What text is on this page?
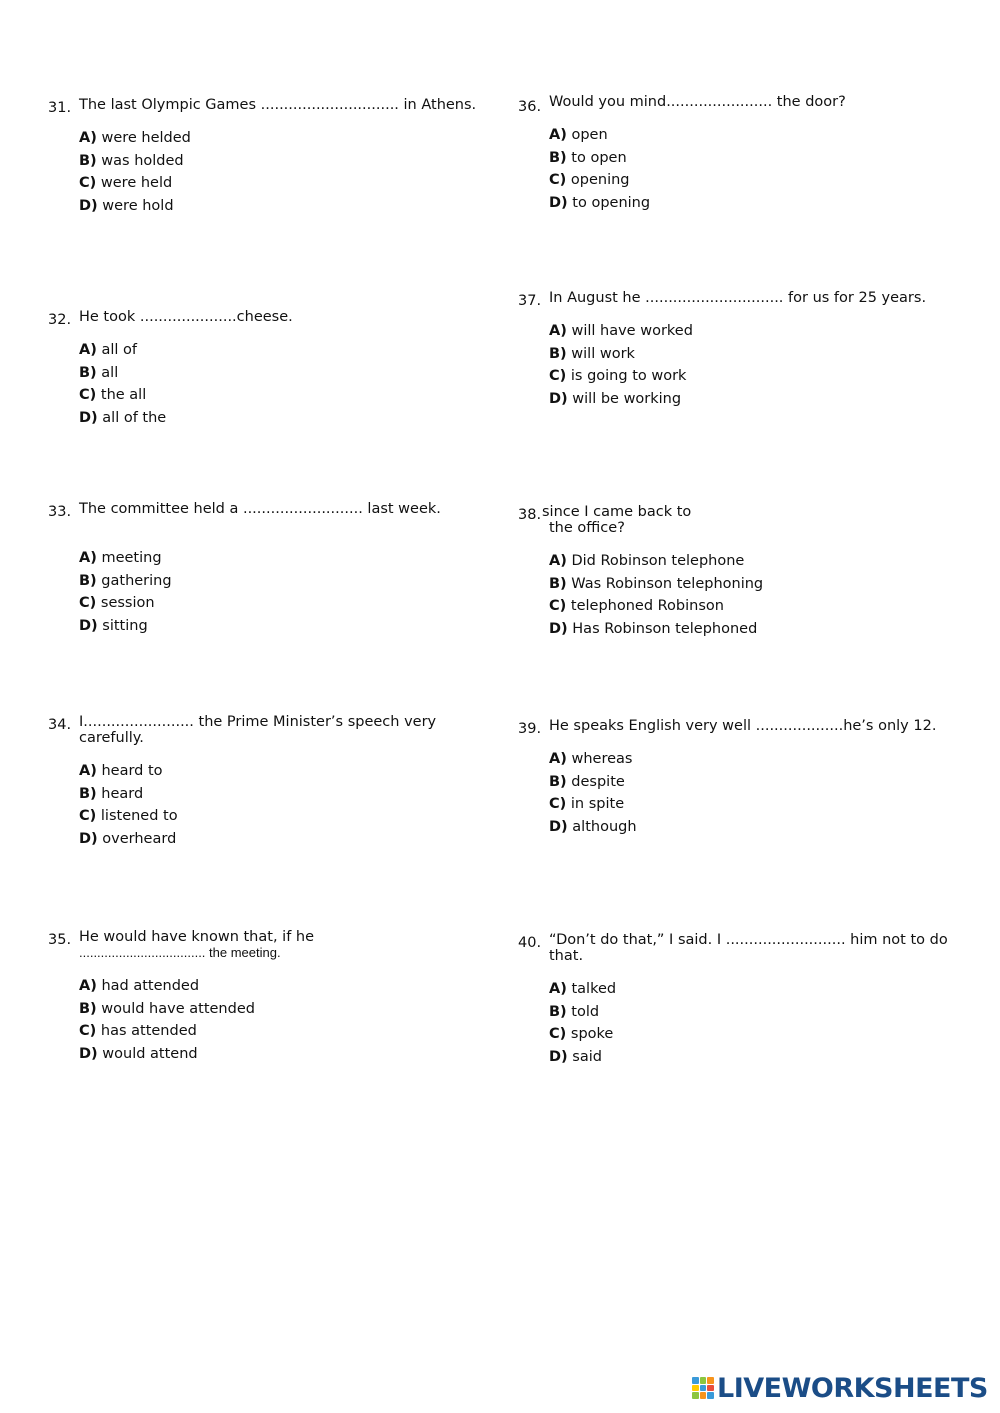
31. The last Olympic Games .............................. in Athens.

A) were helded
B) was holded
C) were held
D) were hold
32. He took .....................cheese.

A) all of
B) all
C) the all
D) all of the
33. The committee held a .......................... last week.

A) meeting
B) gathering
C) session
D) sitting
34. I........................ the Prime Minister’s speech very carefully.

A) heard to
B) heard
C) listened to
D) overheard
35. He would have known that, if he
................................... the meeting.

A) had attended
B) would have attended
C) has attended
D) would attend
36. Would you mind....................... the door?

A) open
B) to open
C) opening
D) to opening
37. In August he .............................. for us for 25 years.

A) will have worked
B) will work
C) is going to work
D) will be working
38. since I came back to
the office?

A) Did Robinson telephone
B) Was Robinson telephoning
C) telephoned Robinson
D) Has Robinson telephoned
39. He speaks English very well ...................he’s only 12.

A) whereas
B) despite
C) in spite
D) although
40. “Don’t do that,” I said. I .......................... him not to do that.

A) talked
B) told
C) spoke
D) said
LIVEWORKSHEETS
